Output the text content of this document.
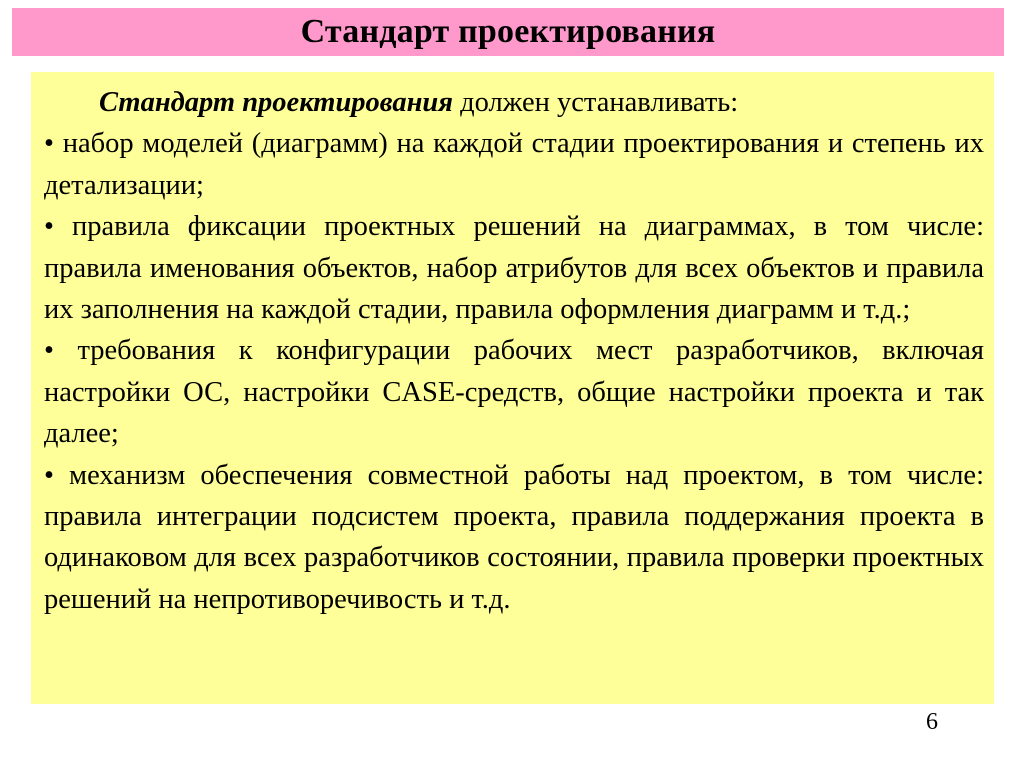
Стандарт проектирования

Стандарт проектирования должен устанавливать:

• набор моделей (диаграмм) на каждой стадии проектирования и степень их детализации;

• правила фиксации проектных решений на диаграммах, в том числе: правила именования объектов, набор атрибутов для всех объектов и правила их заполнения на каждой стадии, правила оформления диаграмм и т.д.;

• требования к конфигурации рабочих мест разработчиков, включая настройки ОС, настройки CASE-средств, общие настройки проекта и так далее;

• механизм обеспечения совместной работы над проектом, в том числе: правила интеграции подсистем проекта, правила поддержания проекта в одинаковом для всех разработчиков состоянии, правила проверки проектных решений на непротиворечивость и т.д.

6
